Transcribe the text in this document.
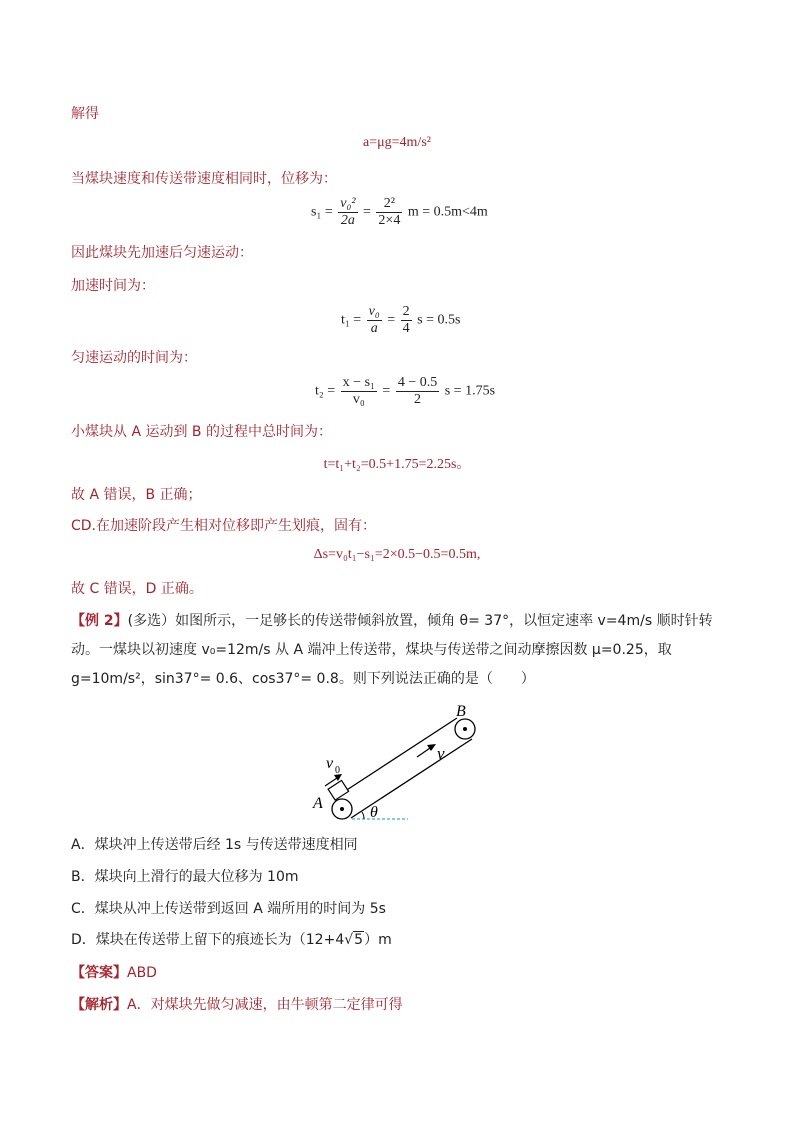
解得
a=μg=4m/s²
当煤块速度和传送带速度相同时，位移为：
$s_1 = \frac{\text{v₀²}}{2a} = \frac{\text{2²}}{2\times 4}$ m = 0.5m<4m
因此煤块先加速后匀速运动：
加速时间为：
$t_1 = \frac{\text{v₀}}{a} = \frac{2}{4}$ s = 0.5s
匀速运动的时间为：
$t_2 = \frac{\text{x − s₁}}{\text{v₀}} = \frac{4 - 0.5}{2}$ s = 1.75s
小煤块从 A 运动到 B 的过程中总时间为：
t=t₁+t₂=0.5+1.75=2.25s。
故 A 错误，B 正确；
CD.在加速阶段产生相对位移即产生划痕，固有：
Δs=v₀t₁−s₁=2×0.5−0.5=0.5m,
故 C 错误，D 正确。
【例 2】(多选）如图所示，一足够长的传送带倾斜放置，倾角 θ= 37°，以恒定速率 v=4m/s 顺时针转动。一煤块以初速度 v₀=12m/s 从 A 端冲上传送带，煤块与传送带之间动摩擦因数 μ=0.25，取 g=10m/s²，sin37°= 0.6、cos37°= 0.8。则下列说法正确的是（　　）
B
A
v
v 0
θ
A．煤块冲上传送带后经 1s 与传送带速度相同
B．煤块向上滑行的最大位移为 10m
C．煤块从冲上传送带到返回 A 端所用的时间为 5s
D．煤块在传送带上留下的痕迹长为（12+4√5）m
【答案】ABD
【解析】A．对煤块先做匀减速，由牛顿第二定律可得
